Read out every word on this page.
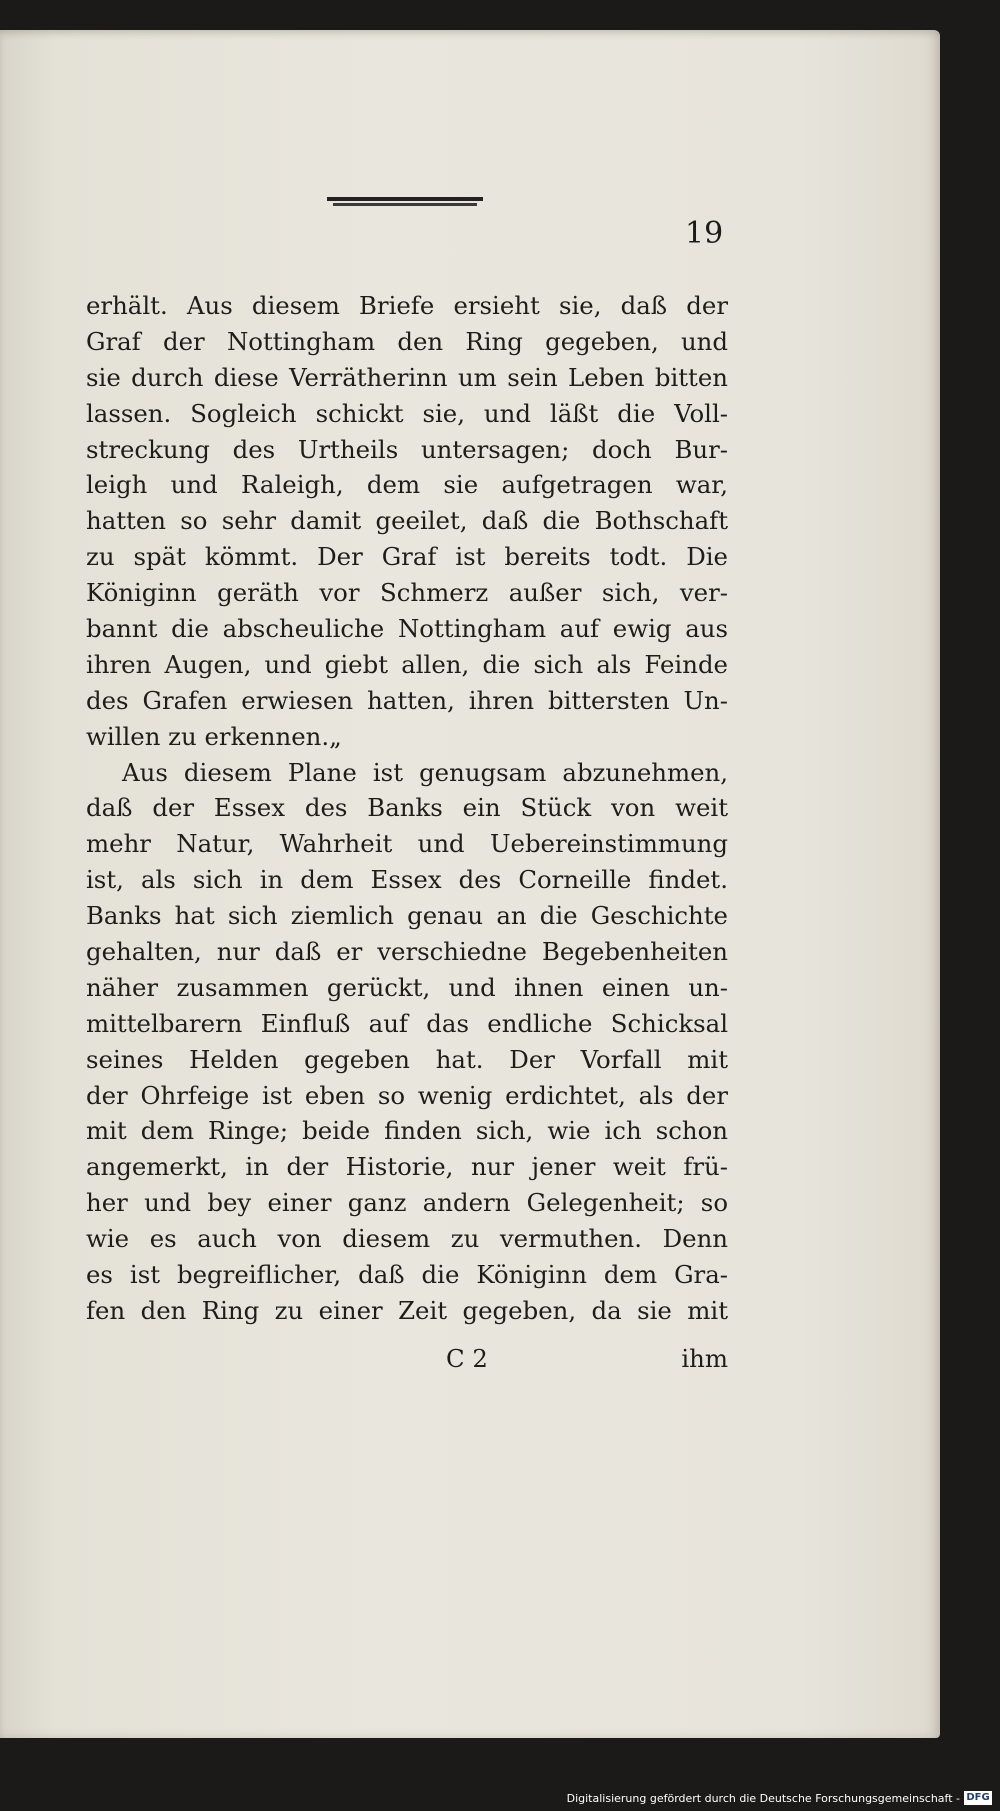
19
erhält. Aus diesem Briefe ersieht sie, daß der
Graf der Nottingham den Ring gegeben, und
sie durch diese Verrätherinn um sein Leben bitten
lassen. Sogleich schickt sie, und läßt die Voll-
streckung des Urtheils untersagen; doch Bur-
leigh und Raleigh, dem sie aufgetragen war,
hatten so sehr damit geeilet, daß die Bothschaft
zu spät kömmt. Der Graf ist bereits todt. Die
Königinn geräth vor Schmerz außer sich, ver-
bannt die abscheuliche Nottingham auf ewig aus
ihren Augen, und giebt allen, die sich als Feinde
des Grafen erwiesen hatten, ihren bittersten Un-
willen zu erkennen.„
Aus diesem Plane ist genugsam abzunehmen,
daß der Essex des Banks ein Stück von weit
mehr Natur, Wahrheit und Uebereinstimmung
ist, als sich in dem Essex des Corneille findet.
Banks hat sich ziemlich genau an die Geschichte
gehalten, nur daß er verschiedne Begebenheiten
näher zusammen gerückt, und ihnen einen un-
mittelbarern Einfluß auf das endliche Schicksal
seines Helden gegeben hat. Der Vorfall mit
der Ohrfeige ist eben so wenig erdichtet, als der
mit dem Ringe; beide finden sich, wie ich schon
angemerkt, in der Historie, nur jener weit frü-
her und bey einer ganz andern Gelegenheit; so
wie es auch von diesem zu vermuthen. Denn
es ist begreiflicher, daß die Königinn dem Gra-
fen den Ring zu einer Zeit gegeben, da sie mit
C 2	ihm
Digitalisierung gefördert durch die Deutsche Forschungsgemeinschaft - DFG
